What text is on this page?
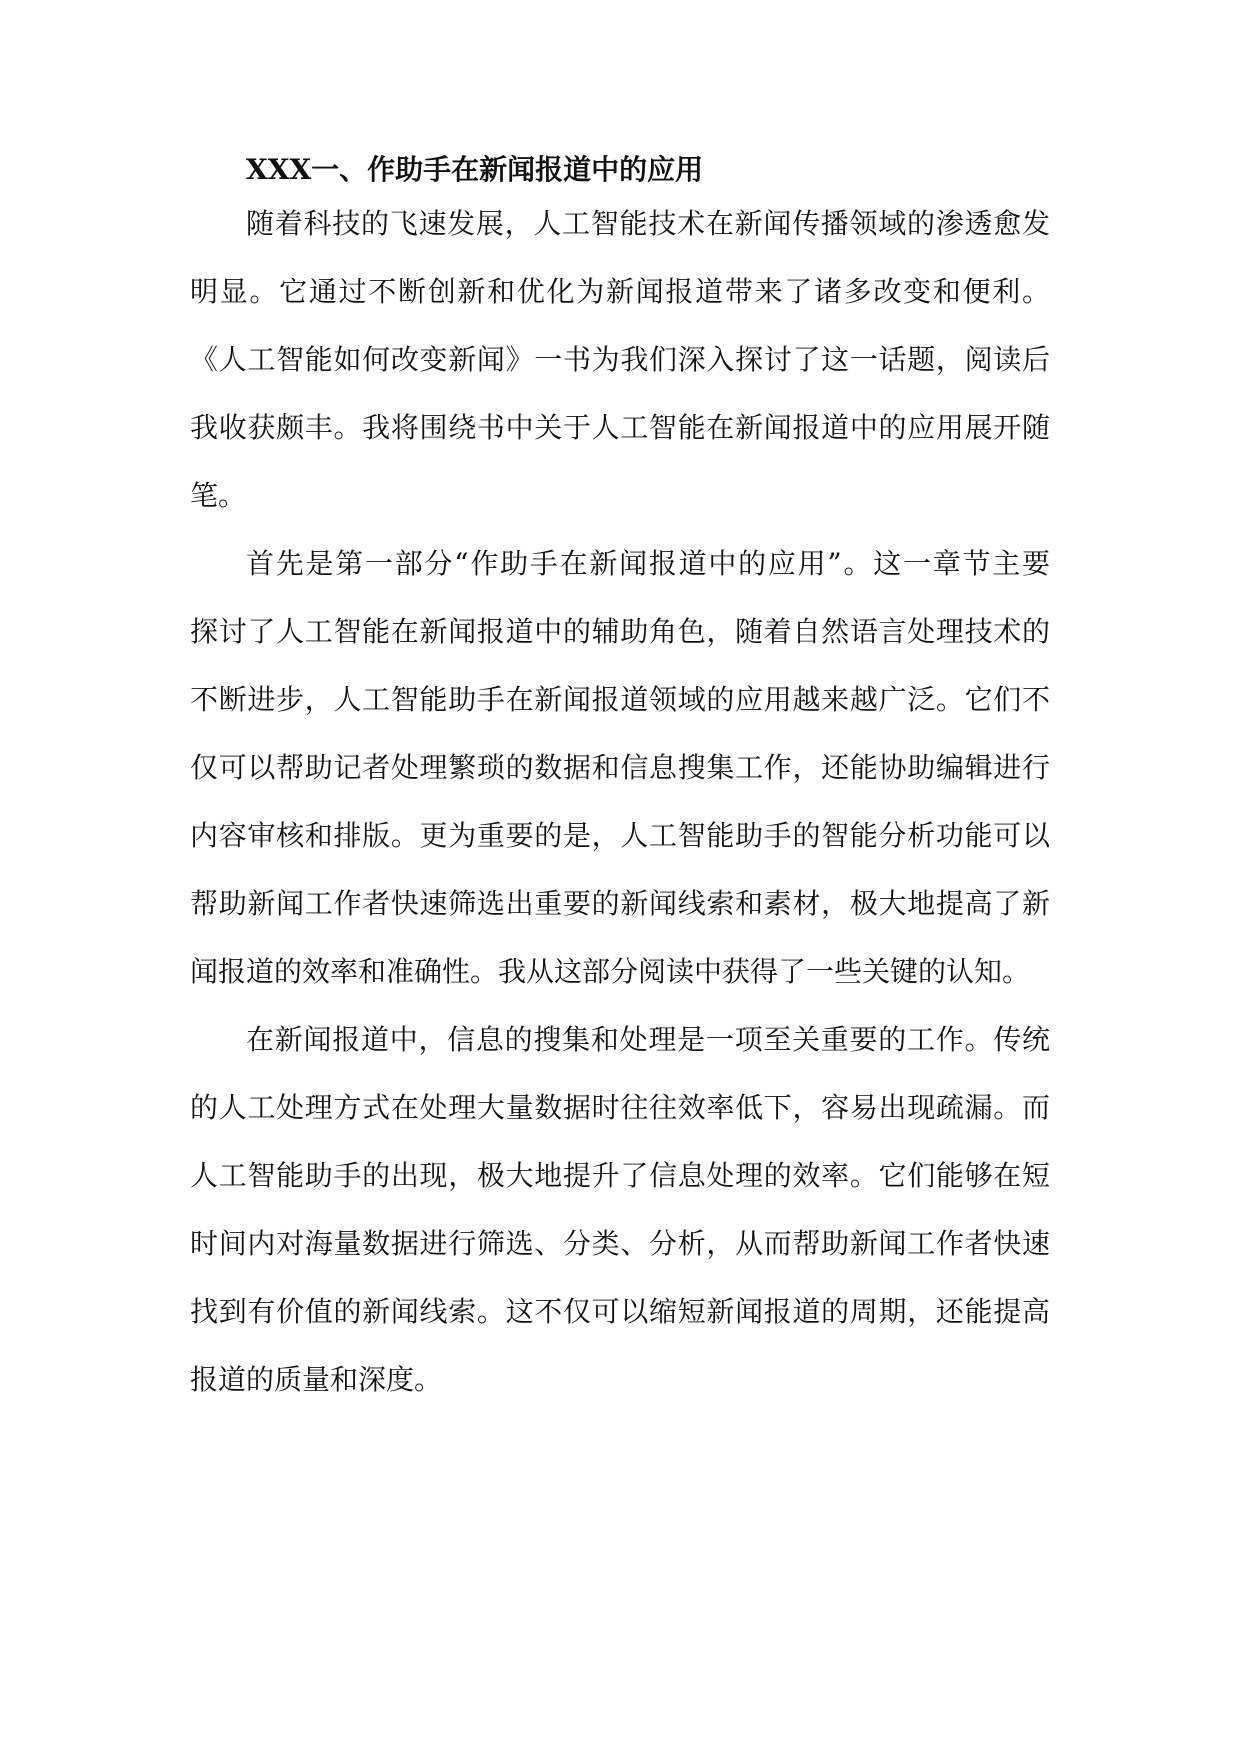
XXX一、作助手在新闻报道中的应用

随着科技的飞速发展，人工智能技术在新闻传播领域的渗透愈发

明显。它通过不断创新和优化为新闻报道带来了诸多改变和便利。

《人工智能如何改变新闻》一书为我们深入探讨了这一话题，阅读后

我收获颇丰。我将围绕书中关于人工智能在新闻报道中的应用展开随

笔。

首先是第一部分“作助手在新闻报道中的应用”。这一章节主要

探讨了人工智能在新闻报道中的辅助角色，随着自然语言处理技术的

不断进步，人工智能助手在新闻报道领域的应用越来越广泛。它们不

仅可以帮助记者处理繁琐的数据和信息搜集工作，还能协助编辑进行

内容审核和排版。更为重要的是，人工智能助手的智能分析功能可以

帮助新闻工作者快速筛选出重要的新闻线索和素材，极大地提高了新

闻报道的效率和准确性。我从这部分阅读中获得了一些关键的认知。

在新闻报道中，信息的搜集和处理是一项至关重要的工作。传统

的人工处理方式在处理大量数据时往往效率低下，容易出现疏漏。而

人工智能助手的出现，极大地提升了信息处理的效率。它们能够在短

时间内对海量数据进行筛选、分类、分析，从而帮助新闻工作者快速

找到有价值的新闻线索。这不仅可以缩短新闻报道的周期，还能提高

报道的质量和深度。
